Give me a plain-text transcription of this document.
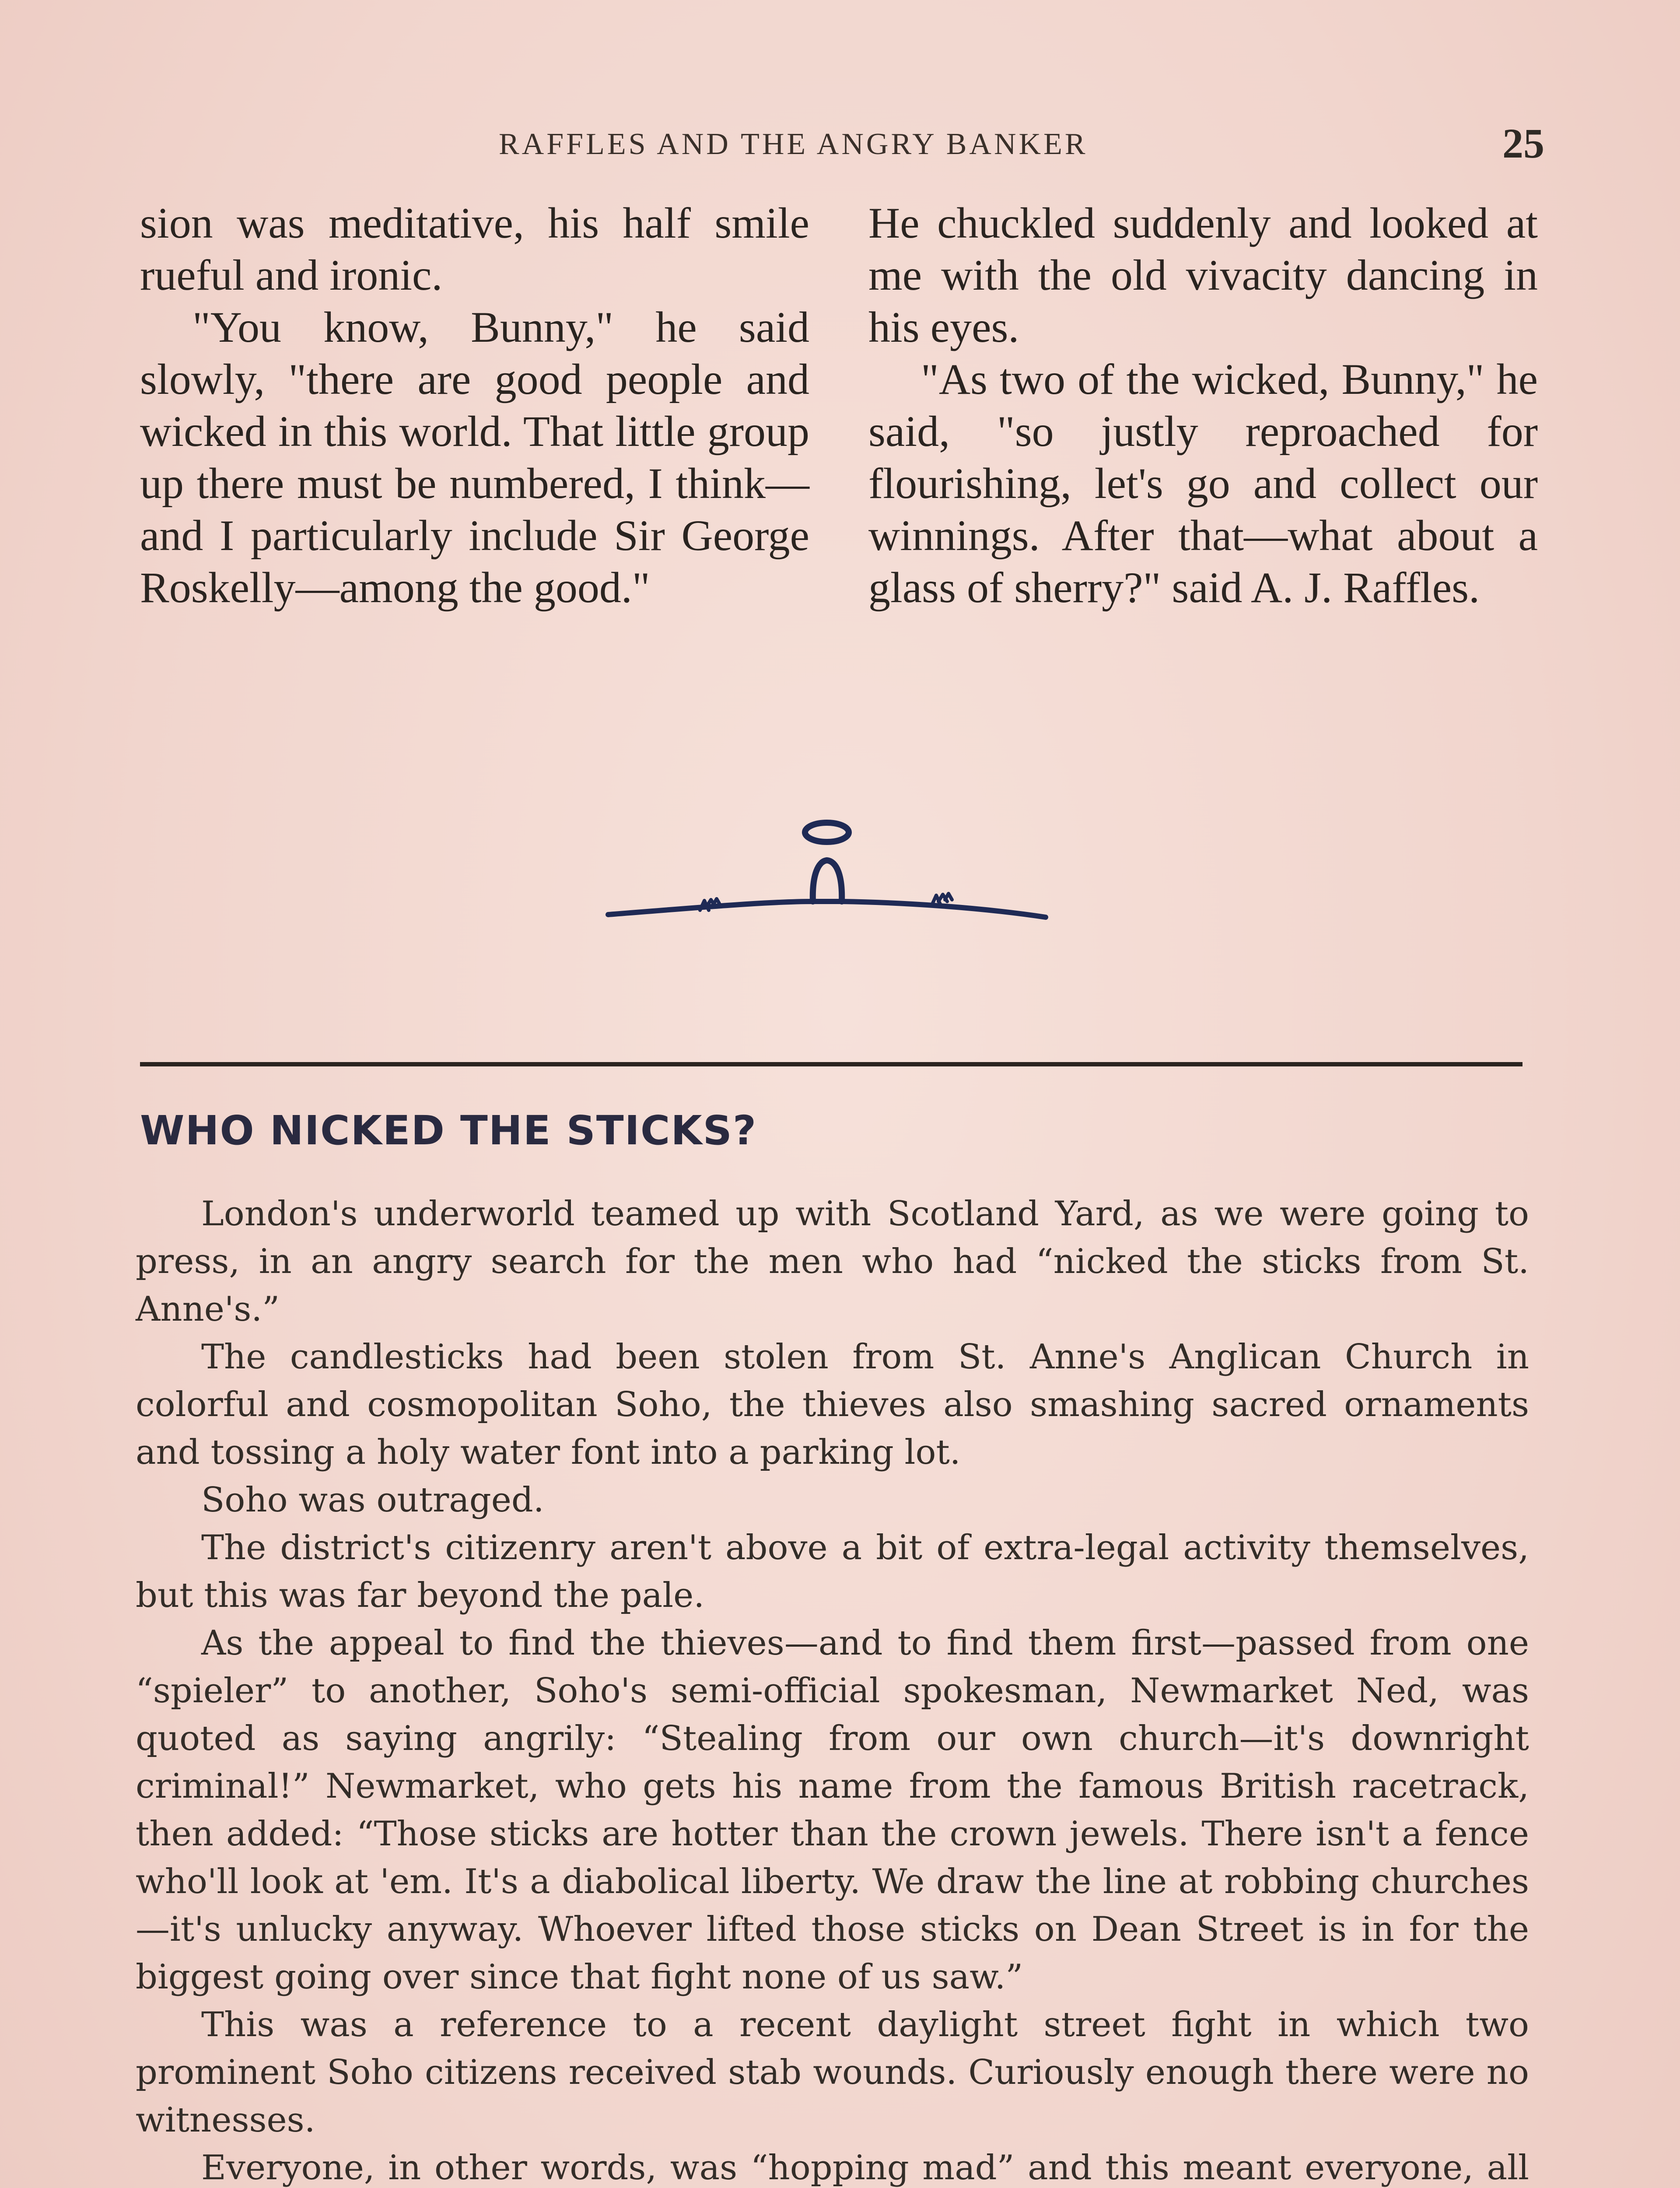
RAFFLES AND THE ANGRY BANKER	25

sion was meditative, his half smile rueful and ironic.

"You know, Bunny," he said slowly, "there are good people and wicked in this world. That little group up there must be numbered, I think—and I particularly include Sir George Roskelly—among the good."

He chuckled suddenly and looked at me with the old vivacity dancing in his eyes.

"As two of the wicked, Bunny," he said, "so justly reproached for flourishing, let's go and collect our winnings. After that—what about a glass of sherry?" said A. J. Raffles.

WHO NICKED THE STICKS?

London's underworld teamed up with Scotland Yard, as we were going to press, in an angry search for the men who had “nicked the sticks from St. Anne's.”

The candlesticks had been stolen from St. Anne's Anglican Church in colorful and cosmopolitan Soho, the thieves also smashing sacred ornaments and tossing a holy water font into a parking lot.

Soho was outraged.

The district's citizenry aren't above a bit of extra-legal activity themselves, but this was far beyond the pale.

As the appeal to find the thieves—and to find them first—passed from one “spieler” to another, Soho's semi-official spokesman, Newmarket Ned, was quoted as saying angrily: “Stealing from our own church—it's downright criminal!” Newmarket, who gets his name from the famous British racetrack, then added: “Those sticks are hotter than the crown jewels. There isn't a fence who'll look at 'em. It's a diabolical liberty. We draw the line at robbing churches—it's unlucky anyway. Whoever lifted those sticks on Dean Street is in for the biggest going over since that fight none of us saw.”

This was a reference to a recent daylight street fight in which two prominent Soho citizens received stab wounds. Curiously enough there were no witnesses.

Everyone, in other words, was “hopping mad” and this meant everyone, all
